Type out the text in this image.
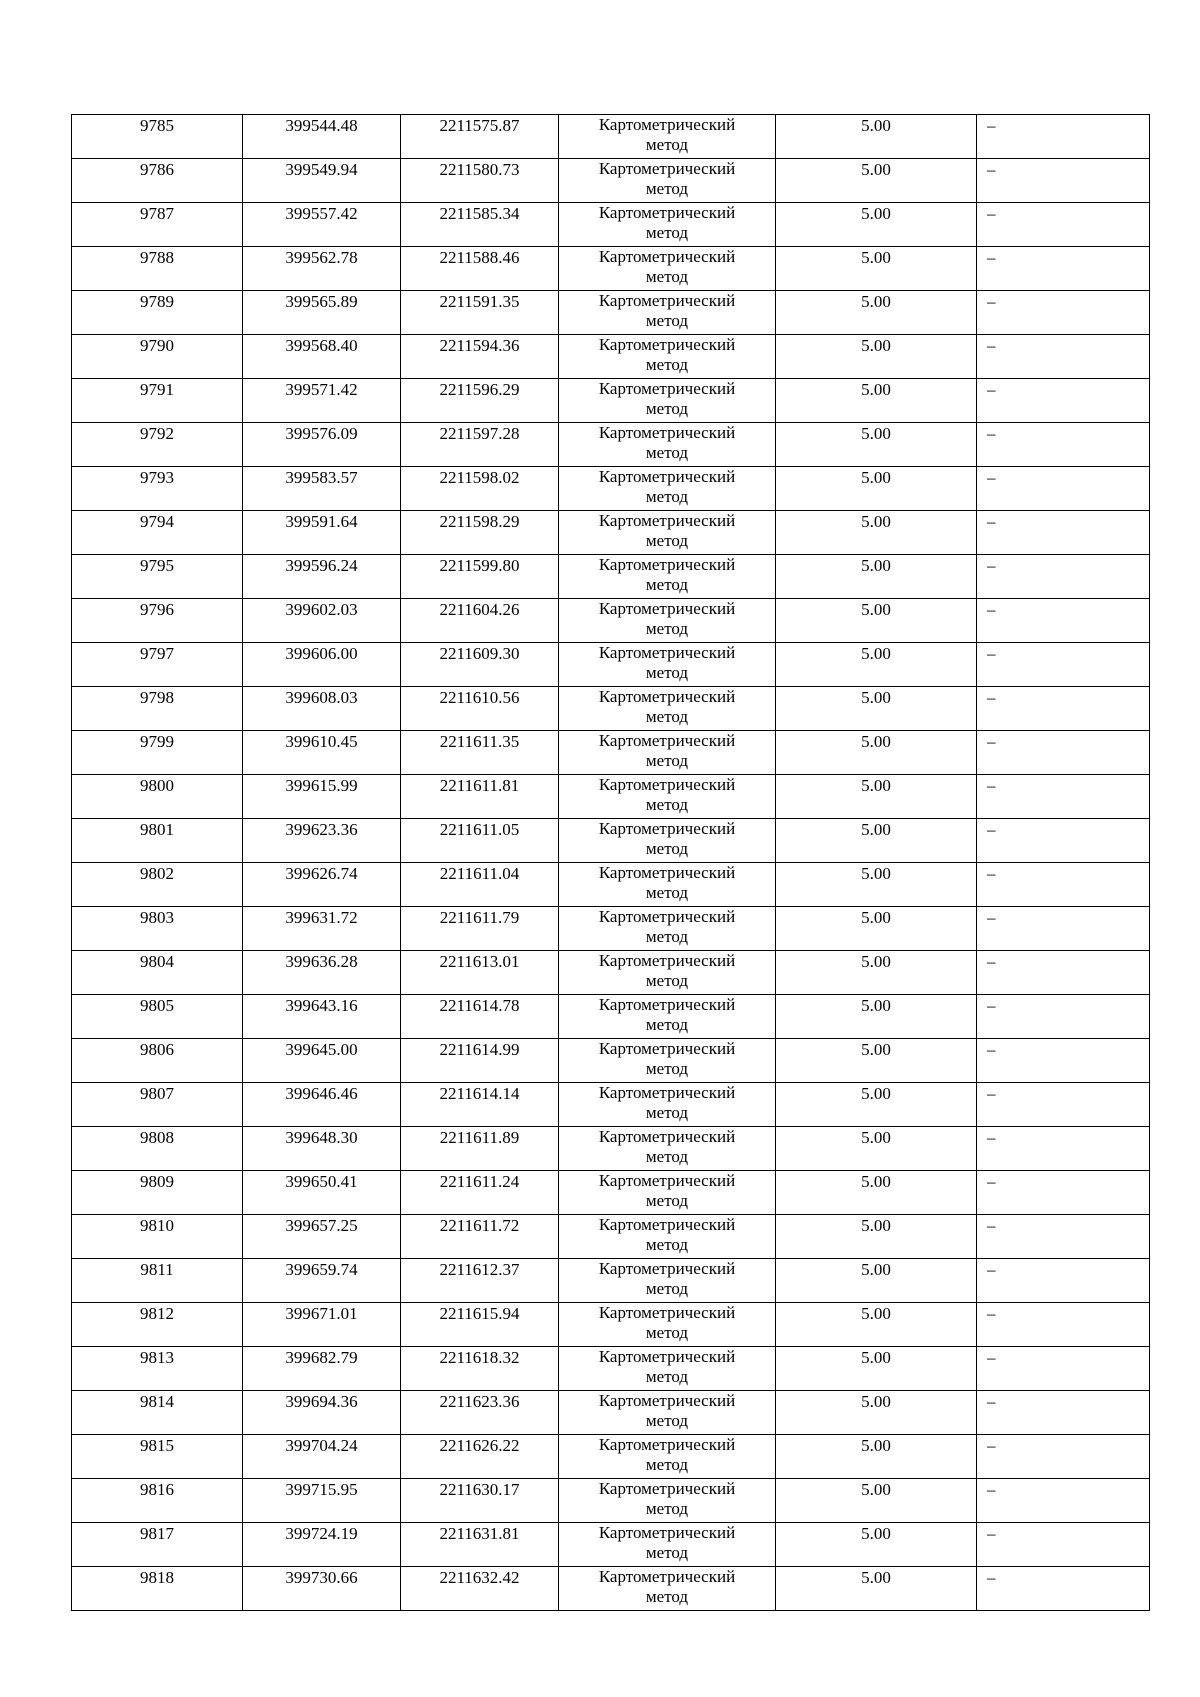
9785	399544.48	2211575.87	Картометрический
метод	5.00	–
9786	399549.94	2211580.73	Картометрический
метод	5.00	–
9787	399557.42	2211585.34	Картометрический
метод	5.00	–
9788	399562.78	2211588.46	Картометрический
метод	5.00	–
9789	399565.89	2211591.35	Картометрический
метод	5.00	–
9790	399568.40	2211594.36	Картометрический
метод	5.00	–
9791	399571.42	2211596.29	Картометрический
метод	5.00	–
9792	399576.09	2211597.28	Картометрический
метод	5.00	–
9793	399583.57	2211598.02	Картометрический
метод	5.00	–
9794	399591.64	2211598.29	Картометрический
метод	5.00	–
9795	399596.24	2211599.80	Картометрический
метод	5.00	–
9796	399602.03	2211604.26	Картометрический
метод	5.00	–
9797	399606.00	2211609.30	Картометрический
метод	5.00	–
9798	399608.03	2211610.56	Картометрический
метод	5.00	–
9799	399610.45	2211611.35	Картометрический
метод	5.00	–
9800	399615.99	2211611.81	Картометрический
метод	5.00	–
9801	399623.36	2211611.05	Картометрический
метод	5.00	–
9802	399626.74	2211611.04	Картометрический
метод	5.00	–
9803	399631.72	2211611.79	Картометрический
метод	5.00	–
9804	399636.28	2211613.01	Картометрический
метод	5.00	–
9805	399643.16	2211614.78	Картометрический
метод	5.00	–
9806	399645.00	2211614.99	Картометрический
метод	5.00	–
9807	399646.46	2211614.14	Картометрический
метод	5.00	–
9808	399648.30	2211611.89	Картометрический
метод	5.00	–
9809	399650.41	2211611.24	Картометрический
метод	5.00	–
9810	399657.25	2211611.72	Картометрический
метод	5.00	–
9811	399659.74	2211612.37	Картометрический
метод	5.00	–
9812	399671.01	2211615.94	Картометрический
метод	5.00	–
9813	399682.79	2211618.32	Картометрический
метод	5.00	–
9814	399694.36	2211623.36	Картометрический
метод	5.00	–
9815	399704.24	2211626.22	Картометрический
метод	5.00	–
9816	399715.95	2211630.17	Картометрический
метод	5.00	–
9817	399724.19	2211631.81	Картометрический
метод	5.00	–
9818	399730.66	2211632.42	Картометрический
метод	5.00	–
